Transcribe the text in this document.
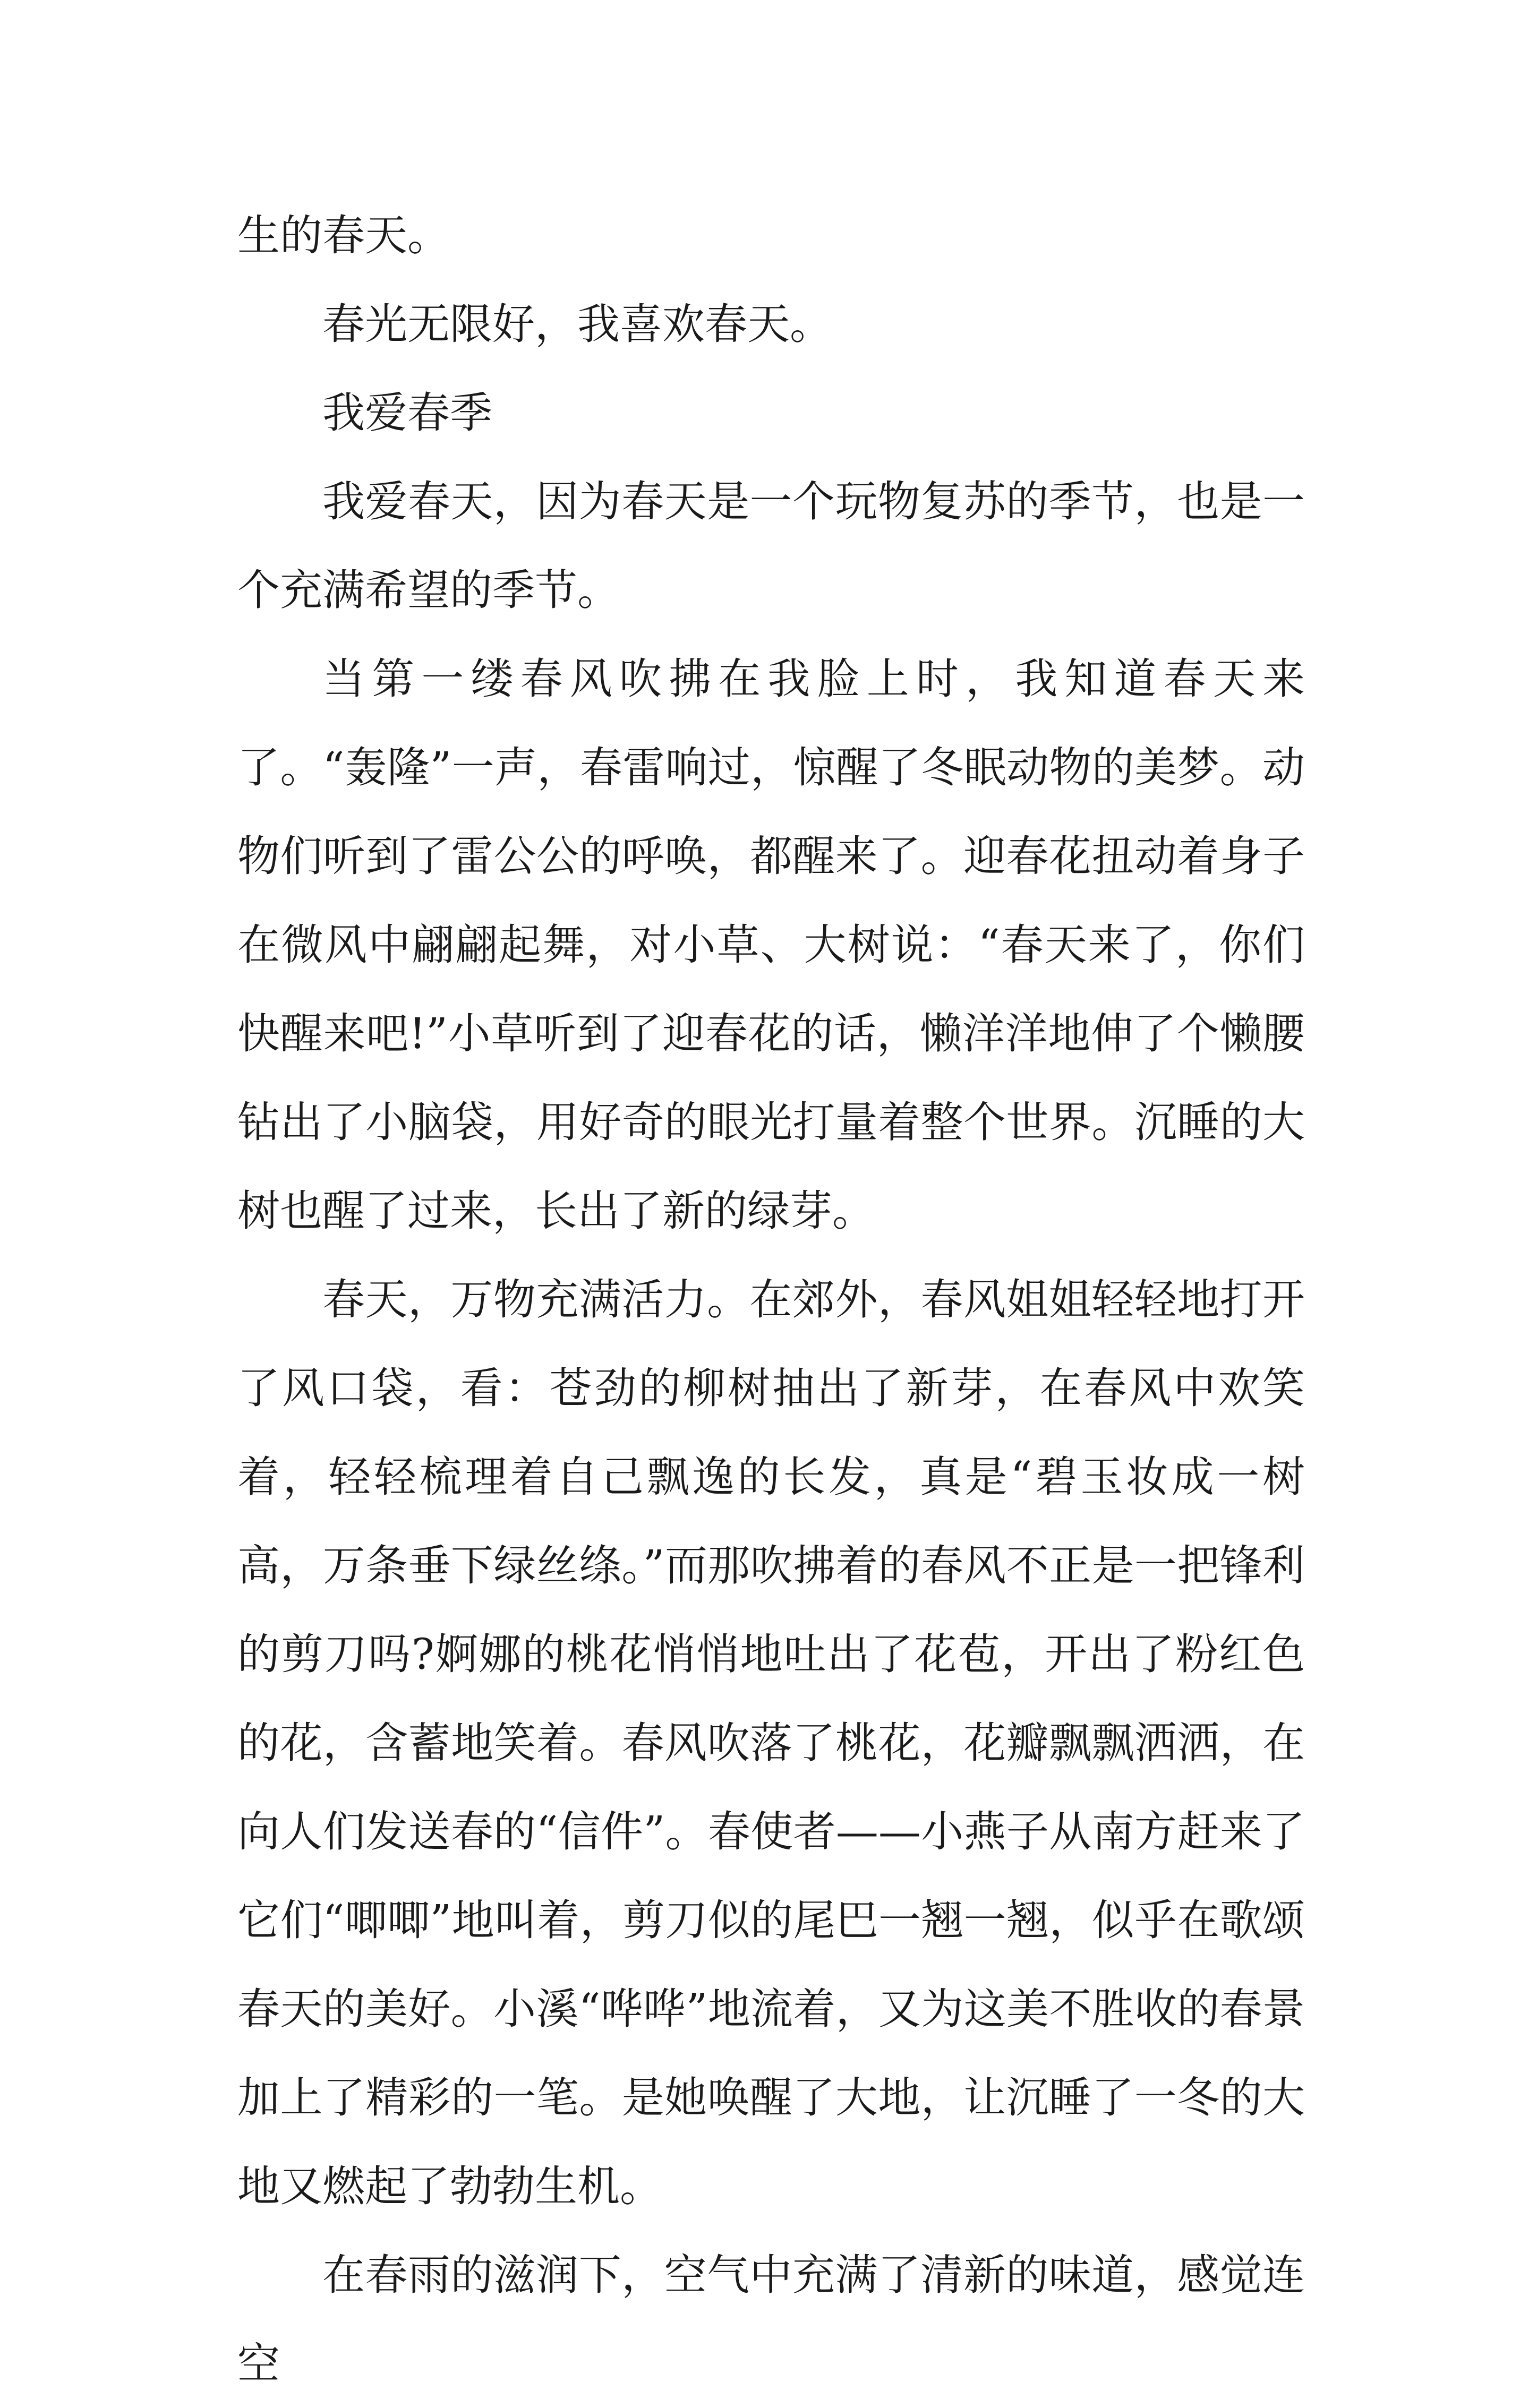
生的春天。

春光无限好，我喜欢春天。

我爱春季

我爱春天，因为春天是一个玩物复苏的季节，也是一个充满希望的季节。

当第一缕春风吹拂在我脸上时，我知道春天来了。“轰隆”一声，春雷响过，惊醒了冬眠动物的美梦。动物们听到了雷公公的呼唤，都醒来了。迎春花扭动着身子在微风中翩翩起舞，对小草、大树说：“春天来了，你们快醒来吧!”小草听到了迎春花的话，懒洋洋地伸了个懒腰钻出了小脑袋，用好奇的眼光打量着整个世界。沉睡的大树也醒了过来，长出了新的绿芽。

春天，万物充满活力。在郊外，春风姐姐轻轻地打开了风口袋，看：苍劲的柳树抽出了新芽，在春风中欢笑着，轻轻梳理着自己飘逸的长发，真是“碧玉妆成一树高，万条垂下绿丝绦。”而那吹拂着的春风不正是一把锋利的剪刀吗?婀娜的桃花悄悄地吐出了花苞，开出了粉红色的花，含蓄地笑着。春风吹落了桃花，花瓣飘飘洒洒，在向人们发送春的“信件”。春使者——小燕子从南方赶来了它们“唧唧”地叫着，剪刀似的尾巴一翘一翘，似乎在歌颂春天的美好。小溪“哗哗”地流着，又为这美不胜收的春景加上了精彩的一笔。是她唤醒了大地，让沉睡了一冬的大地又燃起了勃勃生机。

在春雨的滋润下，空气中充满了清新的味道，感觉连空
